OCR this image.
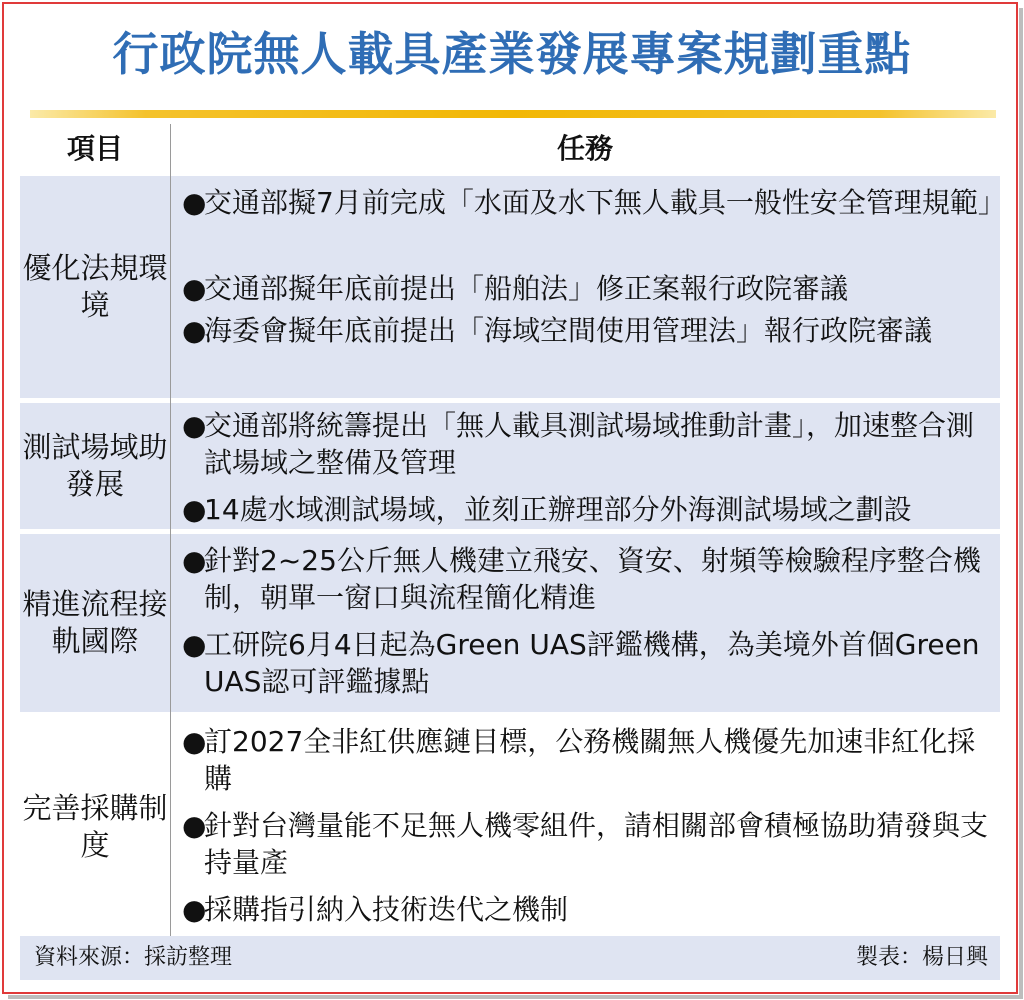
行政院無人載具產業發展專案規劃重點
項目	任務
優化法規環境
●
交通部擬7月前完成「水面及水下無人載具一般性安全管理規範」
●
交通部擬年底前提出「船舶法」修正案報行政院審議
●
海委會擬年底前提出「海域空間使用管理法」報行政院審議
測試場域助發展
●
交通部將統籌提出「無人載具測試場域推動計畫」，加速整合測試場域之整備及管理
●
14處水域測試場域，並刻正辦理部分外海測試場域之劃設
精進流程接軌國際
●
針對2~25公斤無人機建立飛安、資安、射頻等檢驗程序整合機制，朝單一窗口與流程簡化精進
●
工研院6月4日起為Green UAS評鑑機構，為美境外首個Green UAS認可評鑑據點
完善採購制度
●
訂2027全非紅供應鏈目標，公務機關無人機優先加速非紅化採購
●
針對台灣量能不足無人機零組件，請相關部會積極協助猜發與支持量產
●
採購指引納入技術迭代之機制
資料來源：採訪整理	製表：楊日興
